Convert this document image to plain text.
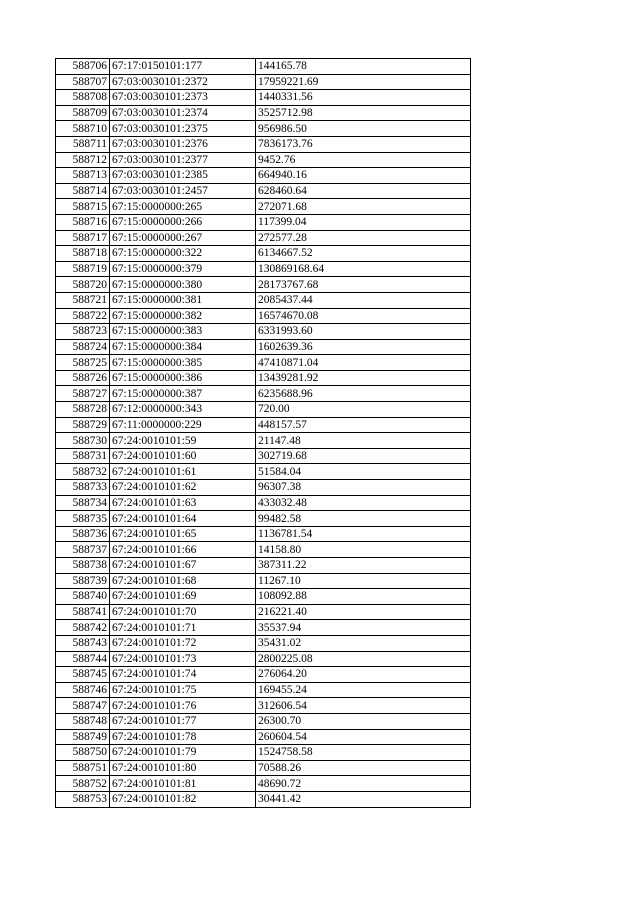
588706	67:17:0150101:177	144165.78
588707	67:03:0030101:2372	17959221.69
588708	67:03:0030101:2373	1440331.56
588709	67:03:0030101:2374	3525712.98
588710	67:03:0030101:2375	956986.50
588711	67:03:0030101:2376	7836173.76
588712	67:03:0030101:2377	9452.76
588713	67:03:0030101:2385	664940.16
588714	67:03:0030101:2457	628460.64
588715	67:15:0000000:265	272071.68
588716	67:15:0000000:266	117399.04
588717	67:15:0000000:267	272577.28
588718	67:15:0000000:322	6134667.52
588719	67:15:0000000:379	130869168.64
588720	67:15:0000000:380	28173767.68
588721	67:15:0000000:381	2085437.44
588722	67:15:0000000:382	16574670.08
588723	67:15:0000000:383	6331993.60
588724	67:15:0000000:384	1602639.36
588725	67:15:0000000:385	47410871.04
588726	67:15:0000000:386	13439281.92
588727	67:15:0000000:387	6235688.96
588728	67:12:0000000:343	720.00
588729	67:11:0000000:229	448157.57
588730	67:24:0010101:59	21147.48
588731	67:24:0010101:60	302719.68
588732	67:24:0010101:61	51584.04
588733	67:24:0010101:62	96307.38
588734	67:24:0010101:63	433032.48
588735	67:24:0010101:64	99482.58
588736	67:24:0010101:65	1136781.54
588737	67:24:0010101:66	14158.80
588738	67:24:0010101:67	387311.22
588739	67:24:0010101:68	11267.10
588740	67:24:0010101:69	108092.88
588741	67:24:0010101:70	216221.40
588742	67:24:0010101:71	35537.94
588743	67:24:0010101:72	35431.02
588744	67:24:0010101:73	2800225.08
588745	67:24:0010101:74	276064.20
588746	67:24:0010101:75	169455.24
588747	67:24:0010101:76	312606.54
588748	67:24:0010101:77	26300.70
588749	67:24:0010101:78	260604.54
588750	67:24:0010101:79	1524758.58
588751	67:24:0010101:80	70588.26
588752	67:24:0010101:81	48690.72
588753	67:24:0010101:82	30441.42
